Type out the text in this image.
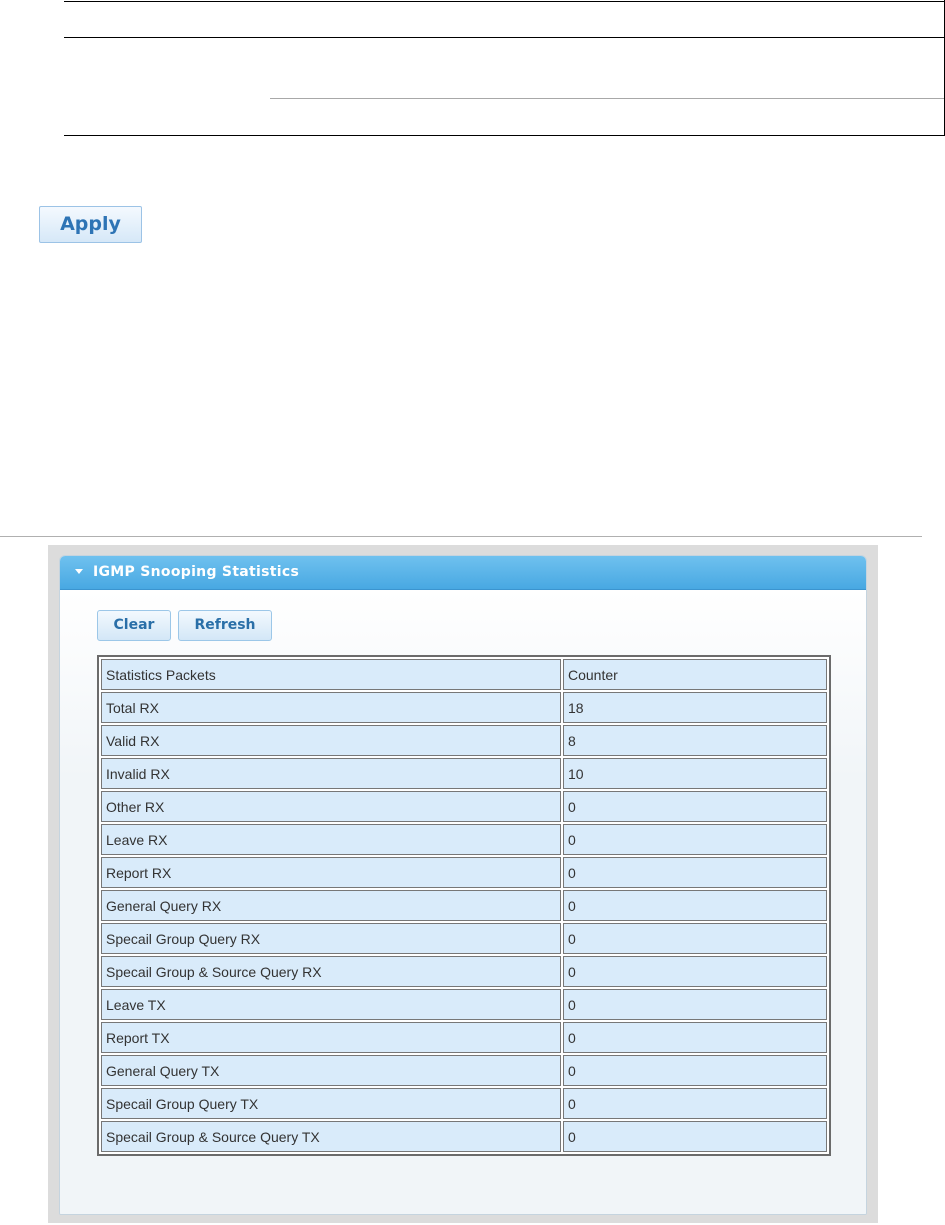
Apply
IGMP Snooping Statistics
Clear	Refresh
Statistics Packets	Counter
Total RX	18
Valid RX	8
Invalid RX	10
Other RX	0
Leave RX	0
Report RX	0
General Query RX	0
Specail Group Query RX	0
Specail Group & Source Query RX	0
Leave TX	0
Report TX	0
General Query TX	0
Specail Group Query TX	0
Specail Group & Source Query TX	0
